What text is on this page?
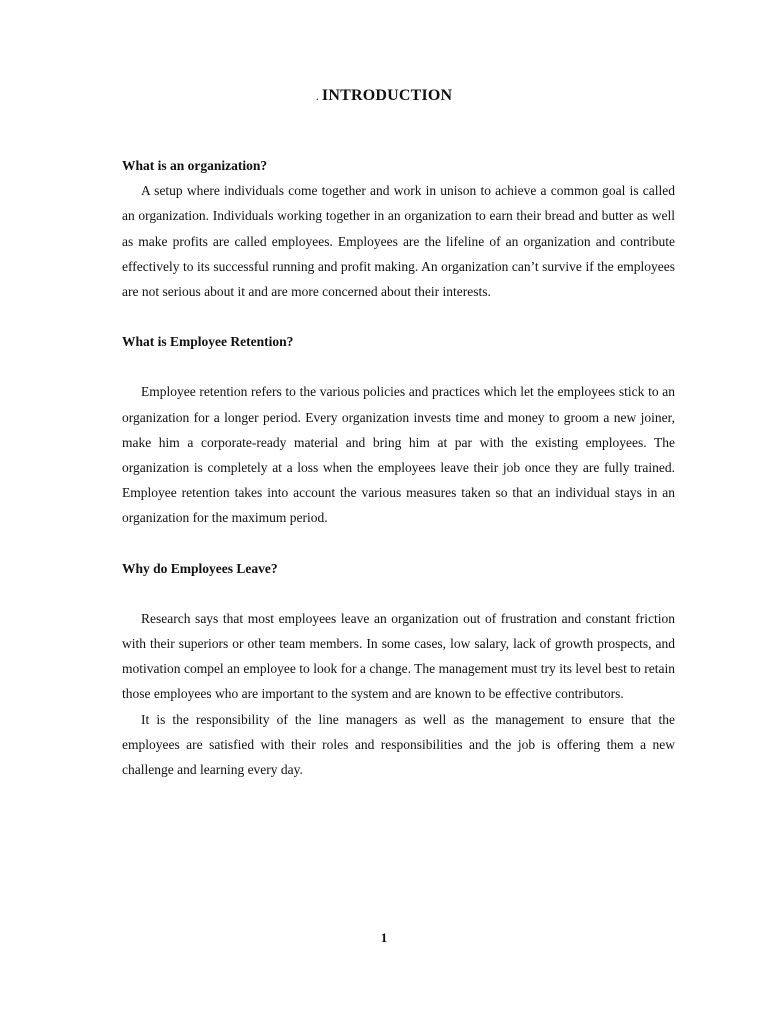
. INTRODUCTION

What is an organization?

A setup where individuals come together and work in unison to achieve a common goal is called an organization. Individuals working together in an organization to earn their bread and butter as well as make profits are called employees. Employees are the lifeline of an organization and contribute effectively to its successful running and profit making. An organization can’t survive if the employees are not serious about it and are more concerned about their interests.

What is Employee Retention?

Employee retention refers to the various policies and practices which let the employees stick to an organization for a longer period. Every organization invests time and money to groom a new joiner, make him a corporate-ready material and bring him at par with the existing employees. The organization is completely at a loss when the employees leave their job once they are fully trained. Employee retention takes into account the various measures taken so that an individual stays in an organization for the maximum period.

Why do Employees Leave?

Research says that most employees leave an organization out of frustration and constant friction with their superiors or other team members. In some cases, low salary, lack of growth prospects, and motivation compel an employee to look for a change. The management must try its level best to retain those employees who are important to the system and are known to be effective contributors.

It is the responsibility of the line managers as well as the management to ensure that the employees are satisfied with their roles and responsibilities and the job is offering them a new challenge and learning every day.

1
